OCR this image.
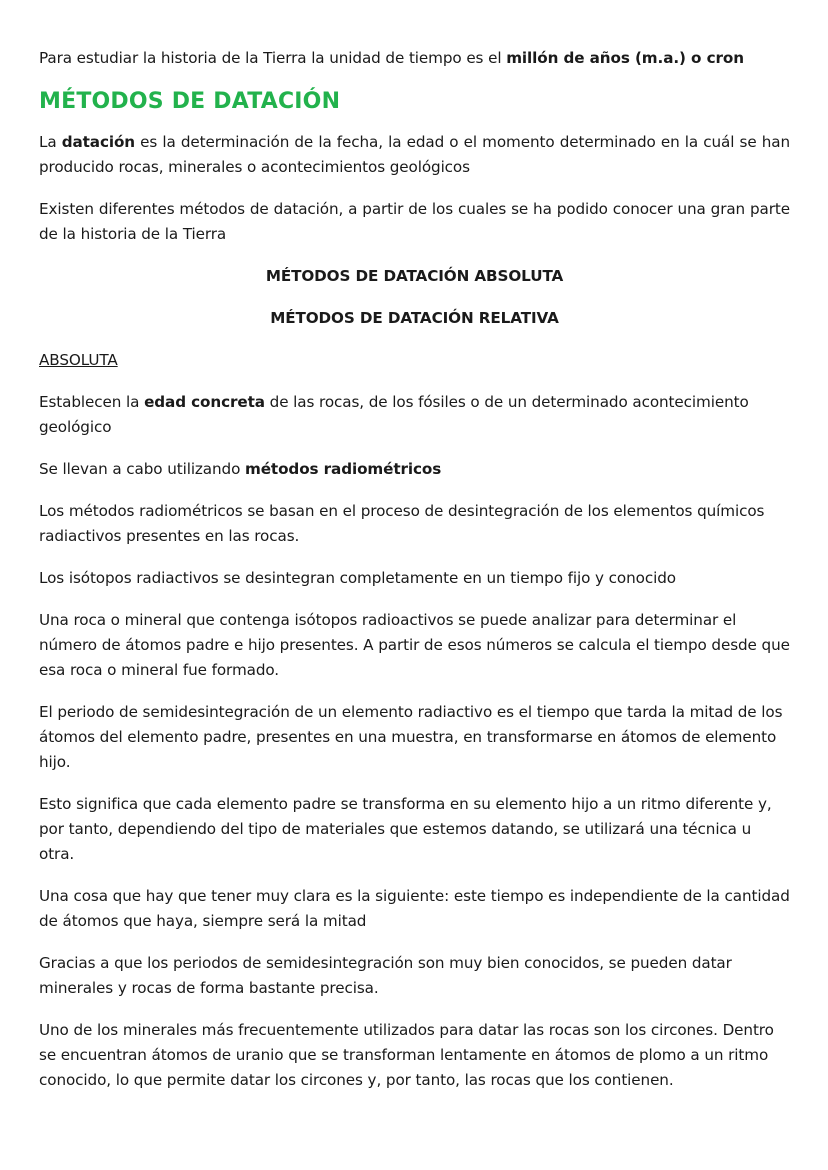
Para estudiar la historia de la Tierra la unidad de tiempo es el millón de años (m.a.) o cron

MÉTODOS DE DATACIÓN

La datación es la determinación de la fecha, la edad o el momento determinado en la cuál se han producido rocas, minerales o acontecimientos geológicos

Existen diferentes métodos de datación, a partir de los cuales se ha podido conocer una gran parte de la historia de la Tierra

MÉTODOS DE DATACIÓN ABSOLUTA

MÉTODOS DE DATACIÓN RELATIVA

ABSOLUTA

Establecen la edad concreta de las rocas, de los fósiles o de un determinado acontecimiento geológico

Se llevan a cabo utilizando métodos radiométricos

Los métodos radiométricos se basan en el proceso de desintegración de los elementos químicos radiactivos presentes en las rocas.

Los isótopos radiactivos se desintegran completamente en un tiempo fijo y conocido

Una roca o mineral que contenga isótopos radioactivos se puede analizar para determinar el número de átomos padre e hijo presentes. A partir de esos números se calcula el tiempo desde que esa roca o mineral fue formado.

El periodo de semidesintegración de un elemento radiactivo es el tiempo que tarda la mitad de los átomos del elemento padre, presentes en una muestra, en transformarse en átomos de elemento hijo.

Esto significa que cada elemento padre se transforma en su elemento hijo a un ritmo diferente y, por tanto, dependiendo del tipo de materiales que estemos datando, se utilizará una técnica u otra.

Una cosa que hay que tener muy clara es la siguiente: este tiempo es independiente de la cantidad de átomos que haya, siempre será la mitad

Gracias a que los periodos de semidesintegración son muy bien conocidos, se pueden datar minerales y rocas de forma bastante precisa.

Uno de los minerales más frecuentemente utilizados para datar las rocas son los circones. Dentro se encuentran átomos de uranio que se transforman lentamente en átomos de plomo a un ritmo conocido, lo que permite datar los circones y, por tanto, las rocas que los contienen.
